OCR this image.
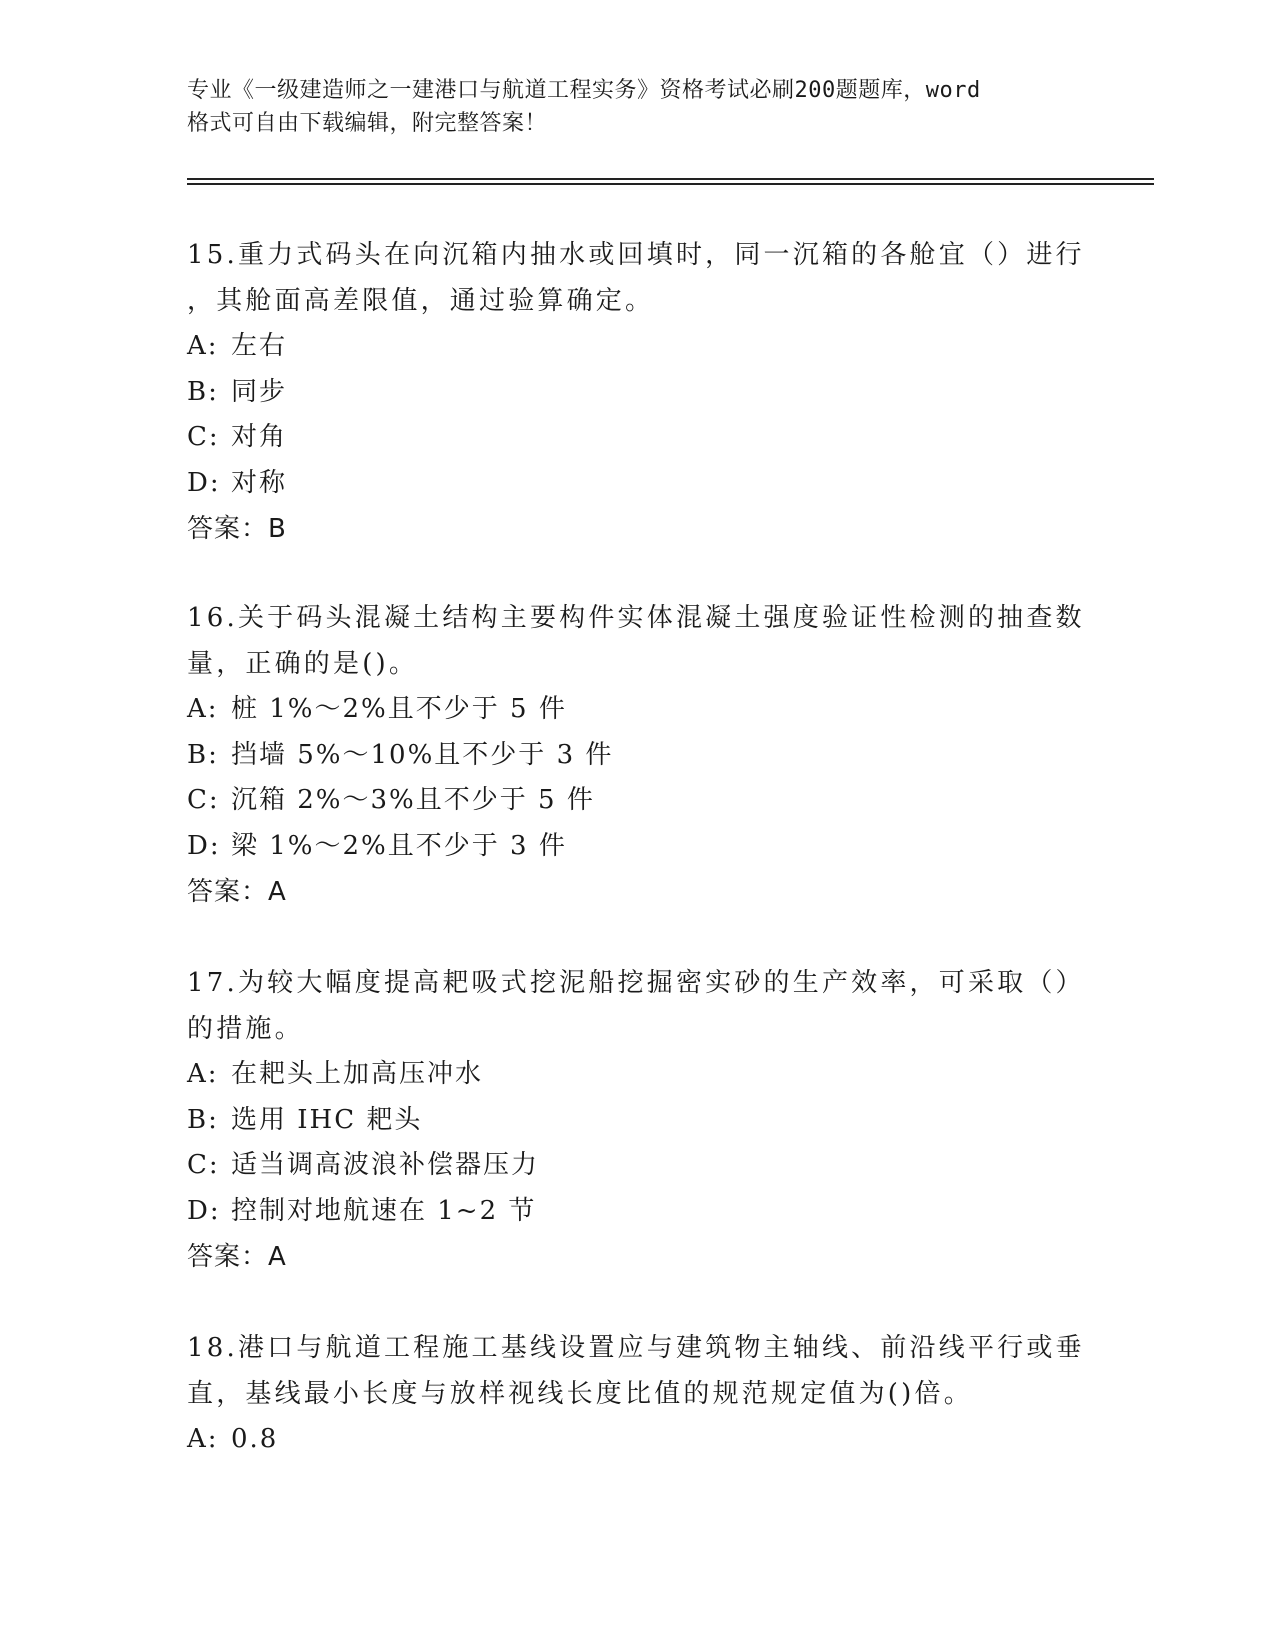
专业《一级建造师之一建港口与航道工程实务》资格考试必刷200题题库，word
格式可自由下载编辑，附完整答案！
15.重力式码头在向沉箱内抽水或回填时，同一沉箱的各舱宜（）进行
，其舱面高差限值，通过验算确定。
A: 左右
B: 同步
C: 对角
D: 对称
答案：B
16.关于码头混凝土结构主要构件实体混凝土强度验证性检测的抽查数
量，正确的是()。
A: 桩 1%～2%且不少于 5 件
B: 挡墙 5%～10%且不少于 3 件
C: 沉箱 2%～3%且不少于 5 件
D: 梁 1%～2%且不少于 3 件
答案：A
17.为较大幅度提高耙吸式挖泥船挖掘密实砂的生产效率，可采取（）
的措施。
A: 在耙头上加高压冲水
B: 选用 IHC 耙头
C: 适当调高波浪补偿器压力
D: 控制对地航速在 1~2 节
答案：A
18.港口与航道工程施工基线设置应与建筑物主轴线、前沿线平行或垂
直，基线最小长度与放样视线长度比值的规范规定值为()倍。
A: 0.8
